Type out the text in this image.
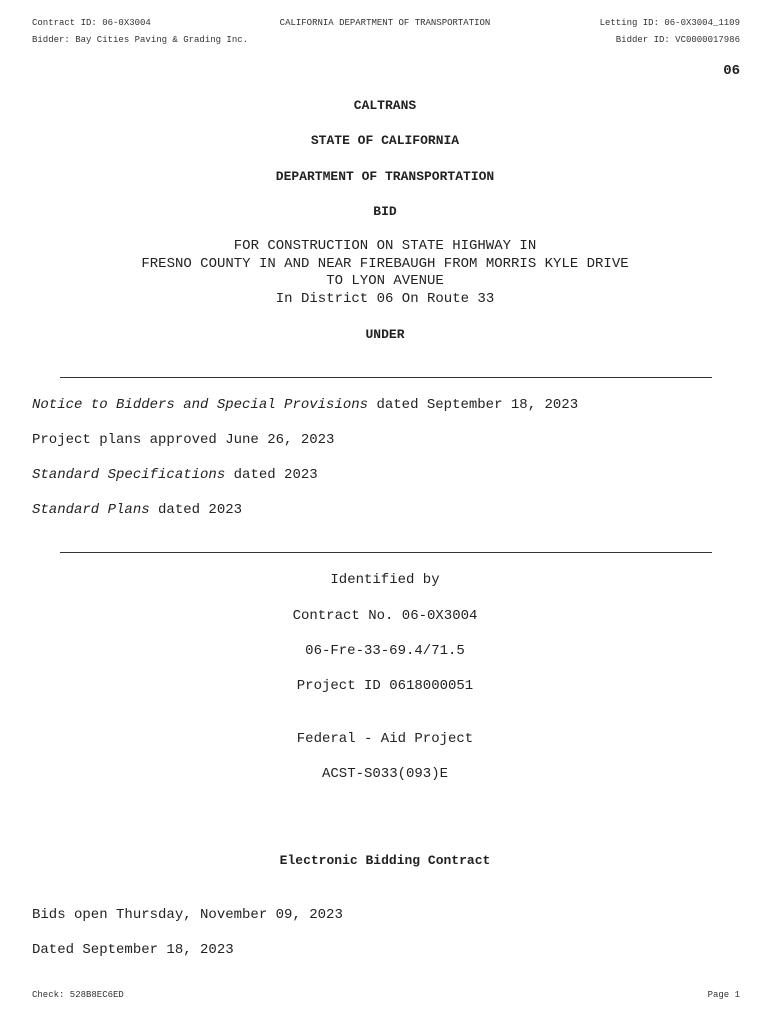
Contract ID: 06-0X3004	CALIFORNIA DEPARTMENT OF TRANSPORTATION	Letting ID: 06-0X3004_1109
Bidder: Bay Cities Paving & Grading Inc.	Bidder ID: VC0000017986
06
CALTRANS
STATE OF CALIFORNIA
DEPARTMENT OF TRANSPORTATION
BID
FOR CONSTRUCTION ON STATE HIGHWAY IN
FRESNO COUNTY IN AND NEAR FIREBAUGH FROM MORRIS KYLE DRIVE
TO LYON AVENUE
In District 06 On Route 33
UNDER
Notice to Bidders and Special Provisions dated September 18, 2023
Project plans approved June 26, 2023
Standard Specifications dated 2023
Standard Plans dated 2023
Identified by
Contract No. 06-0X3004
06-Fre-33-69.4/71.5
Project ID 0618000051
Federal - Aid Project
ACST-S033(093)E
Electronic Bidding Contract
Bids open Thursday, November 09, 2023
Dated September 18, 2023
Check: 528B8EC6ED	Page 1
